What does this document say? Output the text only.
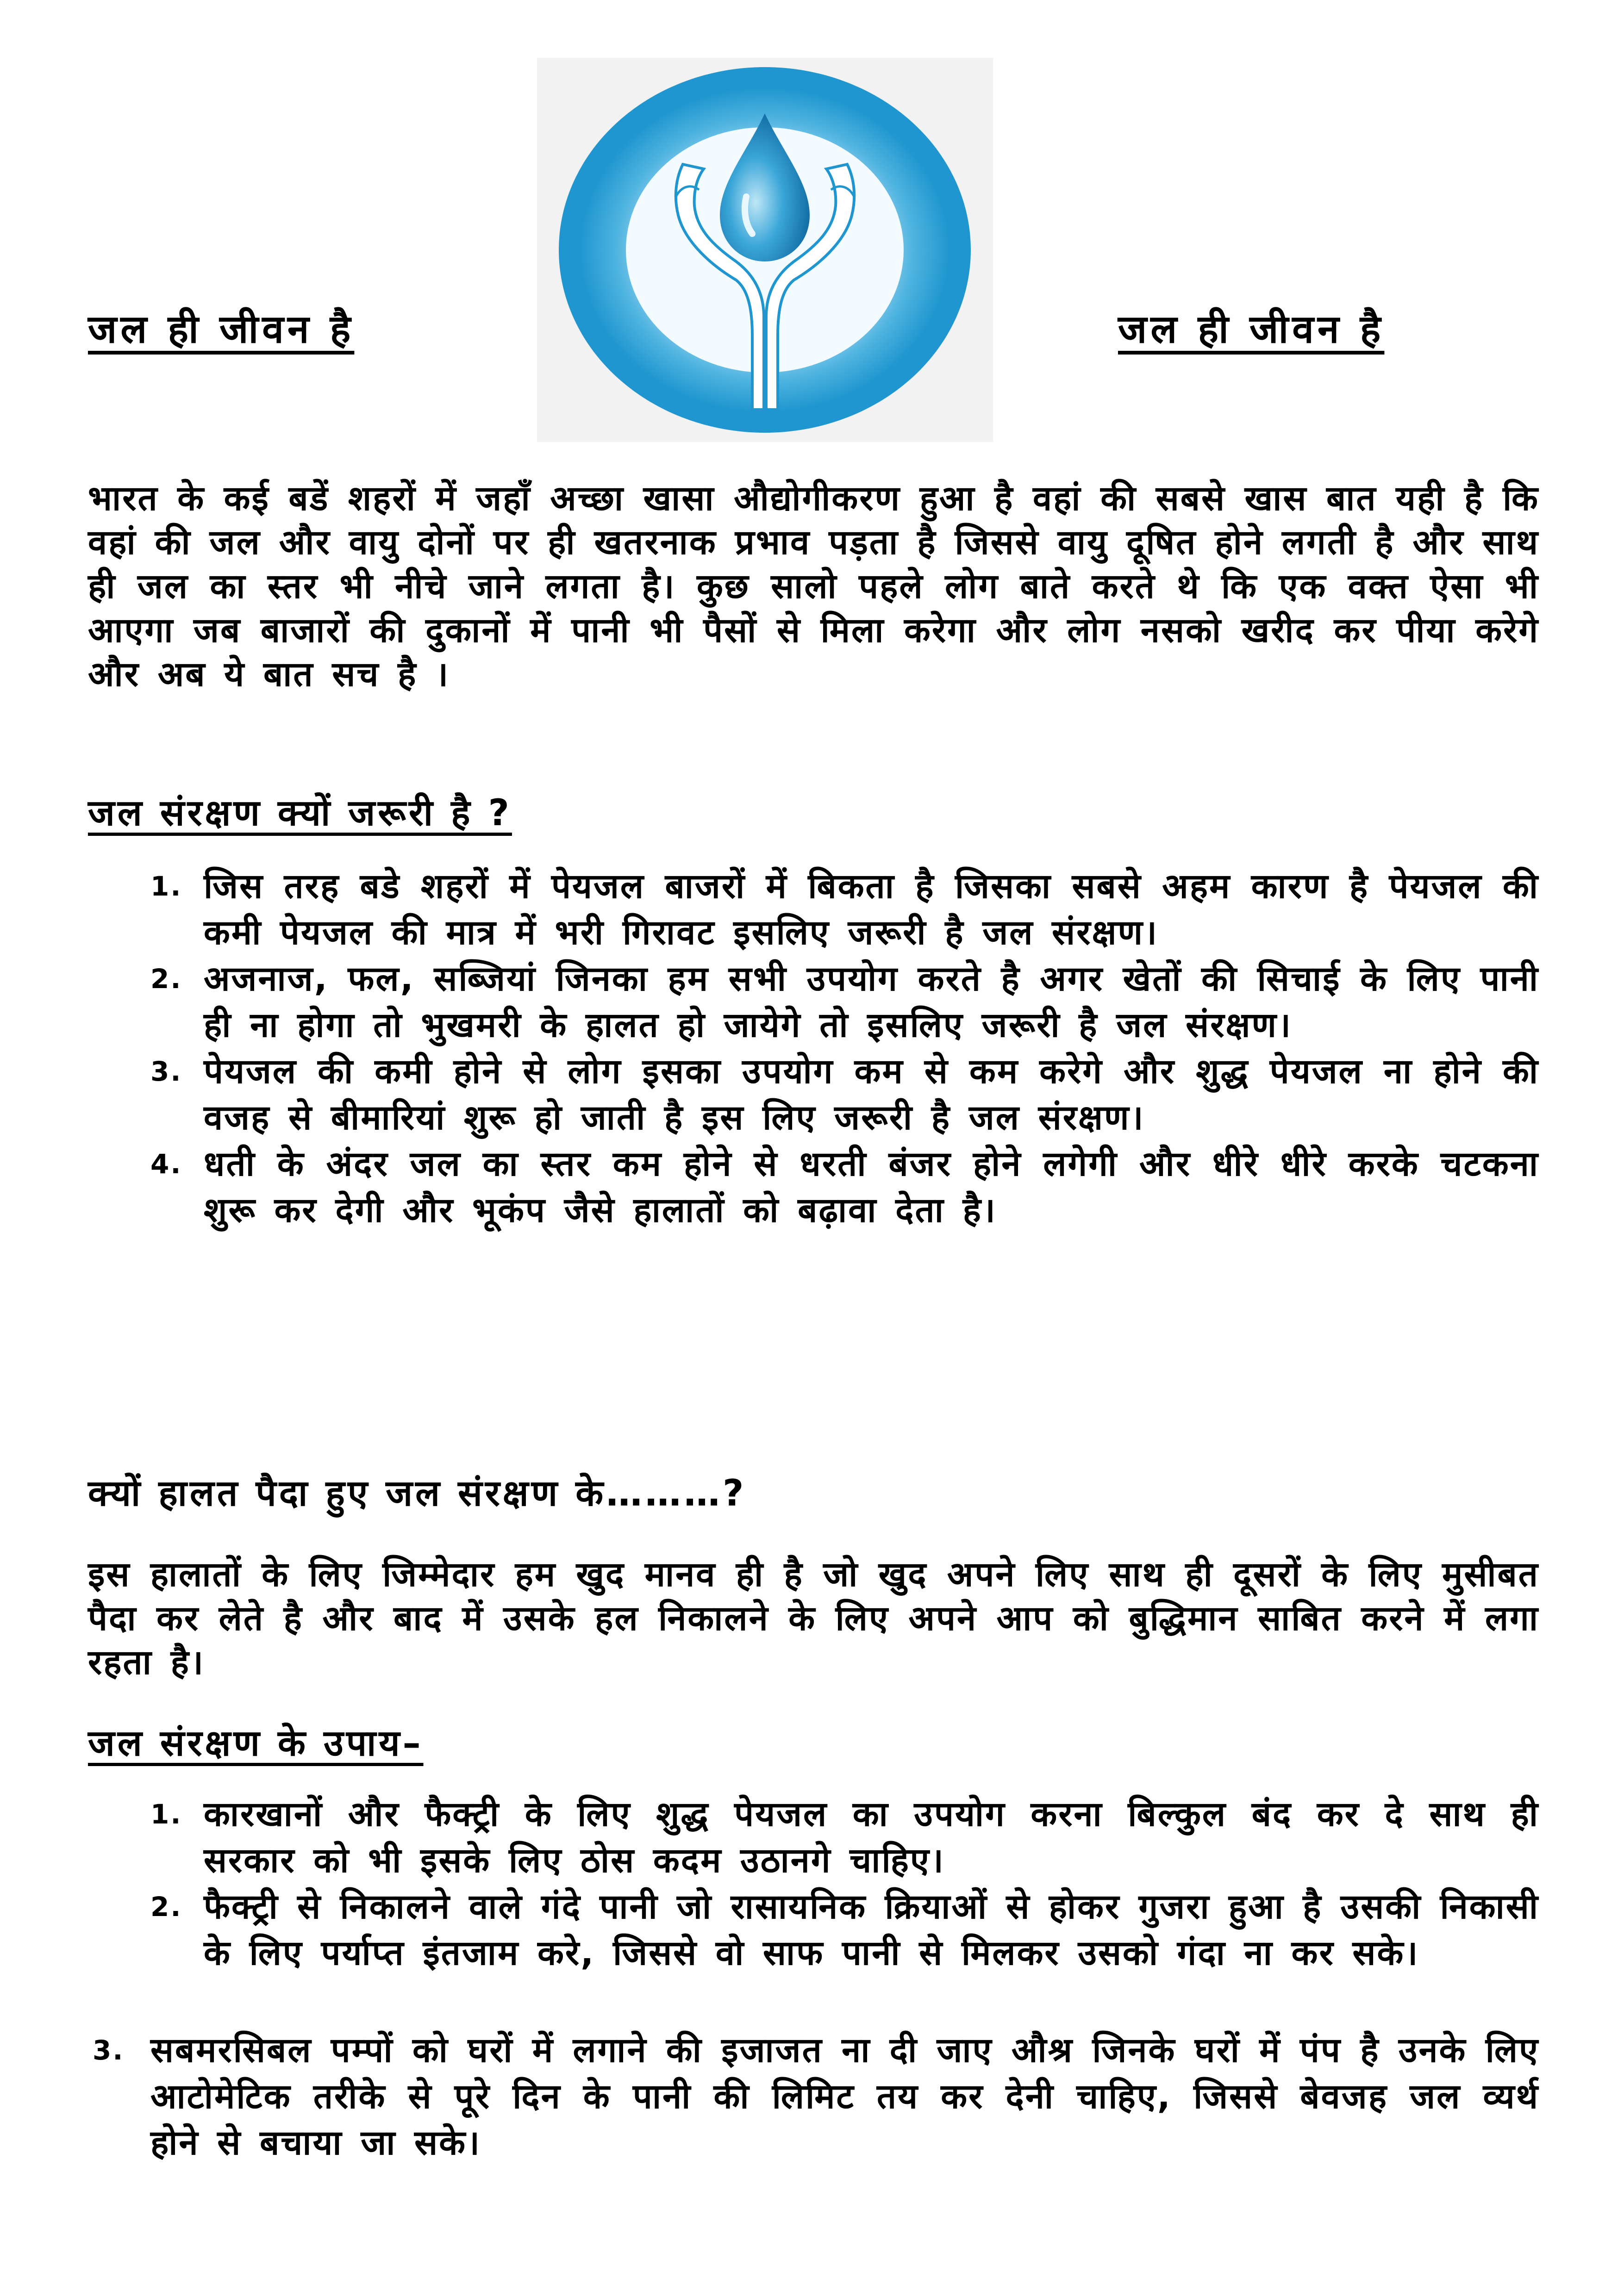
जल ही जीवन है	जल ही जीवन है
भारत के कई बडें शहरों में जहाँ अच्छा खासा औद्योगीकरण हुआ है वहां की सबसे खास बात यही है कि वहां की जल और वायु दोनों पर ही खतरनाक प्रभाव पड़ता है जिससे वायु दूषित होने लगती है और साथ ही जल का स्तर भी नीचे जाने लगता है। कुछ सालो पहले लोग बाते करते थे कि एक वक्त ऐसा भी आएगा जब बाजारों की दुकानों में पानी भी पैसों से मिला करेगा और लोग नसको खरीद कर पीया करेगे और अब ये बात सच है ।
जल संरक्षण क्यों जरूरी है ?
1. जिस तरह बडे शहरों में पेयजल बाजरों में बिकता है जिसका सबसे अहम कारण है पेयजल की कमी पेयजल की मात्र में भरी गिरावट इसलिए जरूरी है जल संरक्षण।
2. अजनाज, फल, सब्जियां जिनका हम सभी उपयोग करते है अगर खेतों की सिचाई के लिए पानी ही ना होगा तो भुखमरी के हालत हो जायेगे तो इसलिए जरूरी है जल संरक्षण।
3. पेयजल की कमी होने से लोग इसका उपयोग कम से कम करेगे और शुद्ध पेयजल ना होने की वजह से बीमारियां शुरू हो जाती है इस लिए जरूरी है जल संरक्षण।
4. धती के अंदर जल का स्तर कम होने से धरती बंजर होने लगेगी और धीरे धीरे करके चटकना शुरू कर देगी और भूकंप जैसे हालातों को बढ़ावा देता है।
क्यों हालत पैदा हुए जल संरक्षण के………?
इस हालातों के लिए जिम्मेदार हम खुद मानव ही है जो खुद अपने लिए साथ ही दूसरों के लिए मुसीबत पैदा कर लेते है और बाद में उसके हल निकालने के लिए अपने आप को बुद्धिमान साबित करने में लगा रहता है।
जल संरक्षण के उपाय–
1. कारखानों और फैक्ट्री के लिए शुद्ध पेयजल का उपयोग करना बिल्कुल बंद कर दे साथ ही सरकार को भी इसके लिए ठोस कदम उठानगे चाहिए।
2. फैक्ट्री से निकालने वाले गंदे पानी जो रासायनिक क्रियाओं से होकर गुजरा हुआ है उसकी निकासी के लिए पर्याप्त इंतजाम करे, जिससे वो साफ पानी से मिलकर उसको गंदा ना कर सके।
3. सबमरसिबल पम्पों को घरों में लगाने की इजाजत ना दी जाए औश्र जिनके घरों में पंप है उनके लिए आटोमेटिक तरीके से पूरे दिन के पानी की लिमिट तय कर देनी चाहिए, जिससे बेवजह जल व्यर्थ होने से बचाया जा सके।
